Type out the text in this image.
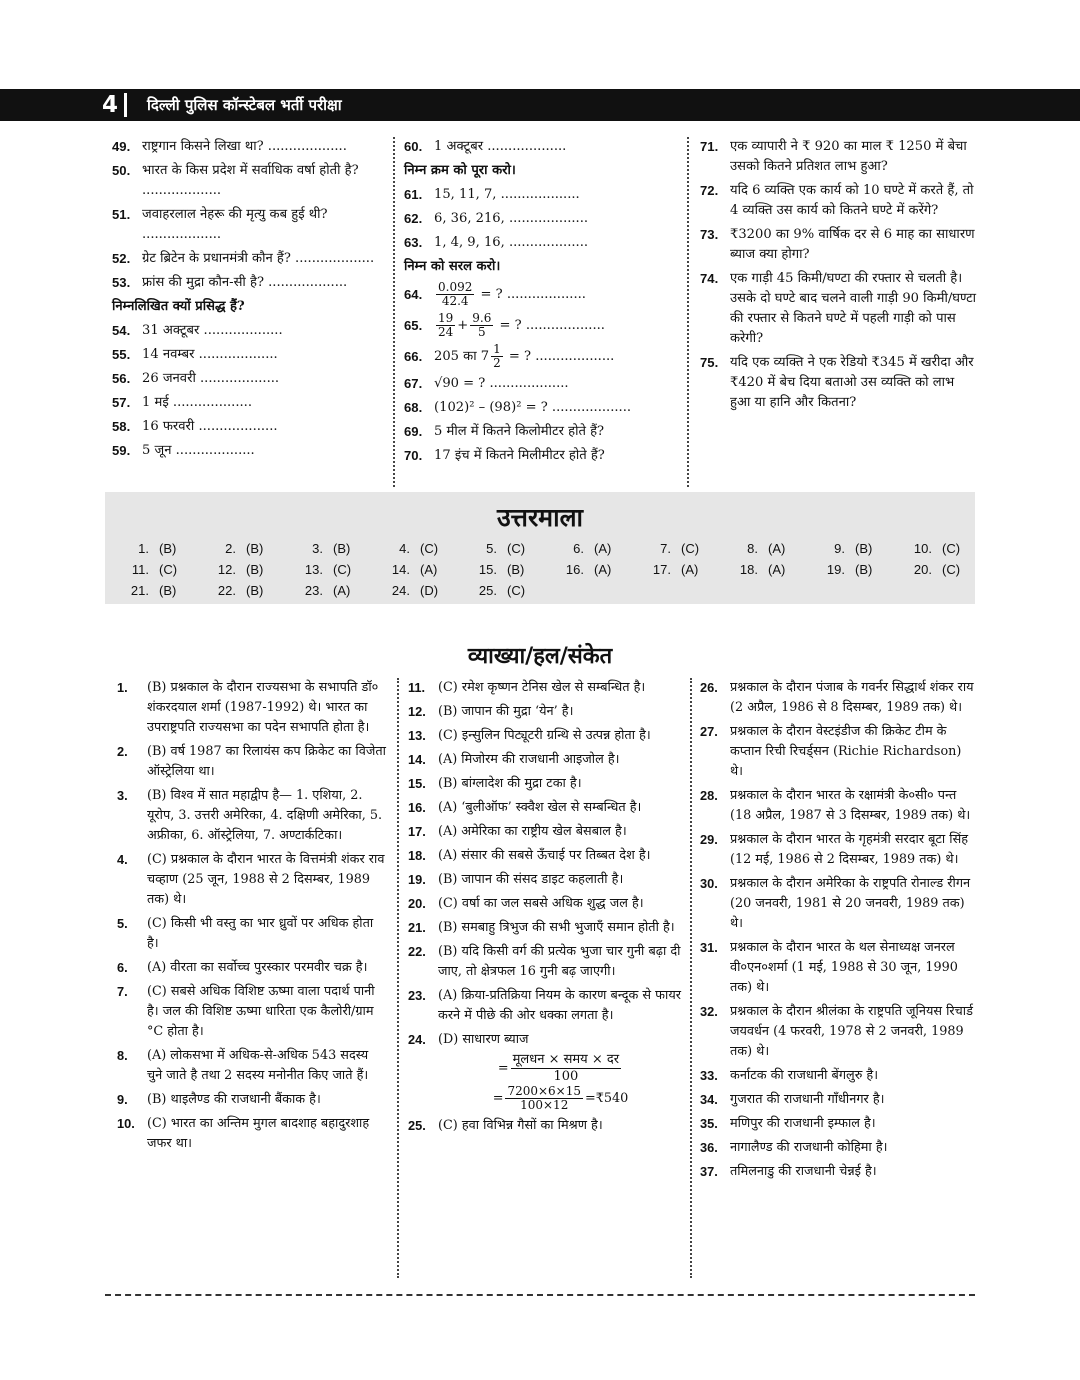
4	दिल्ली पुलिस कॉन्स्टेबल भर्ती परीक्षा
49. राष्ट्रगान किसने लिखा था? ...................
50. भारत के किस प्रदेश में सर्वाधिक वर्षा होती है? ...................
51. जवाहरलाल नेहरू की मृत्यु कब हुई थी? ...................
52. ग्रेट ब्रिटेन के प्रधानमंत्री कौन हैं? ...................
53. फ्रांस की मुद्रा कौन-सी है? ...................
निम्नलिखित क्यों प्रसिद्ध हैं?
54. 31 अक्टूबर ...................
55. 14 नवम्बर ...................
56. 26 जनवरी ...................
57. 1 मई ...................
58. 16 फरवरी ...................
59. 5 जून ...................
60. 1 अक्टूबर ...................
निम्न क्रम को पूरा करो।
61. 15, 11, 7, ...................
62. 6, 36, 216, ...................
63. 1, 4, 9, 16, ...................
निम्न को सरल करो।
64.	$\frac{0.092}{42.4}$ = ? ...................
65.	$\frac{19}{24} + \frac{9.6}{5}$ = ? ...................
66. 205 का $7 \frac{1}{2}$ = ? ...................
67. √90 = ? ...................
68. (102)² – (98)² = ? ...................
69. 5 मील में कितने किलोमीटर होते हैं?
70. 17 इंच में कितने मिलीमीटर होते हैं?
71. एक व्यापारी ने ₹ 920 का माल ₹ 1250 में बेचा उसको कितने प्रतिशत लाभ हुआ?
72. यदि 6 व्यक्ति एक कार्य को 10 घण्टे में करते हैं, तो 4 व्यक्ति उस कार्य को कितने घण्टे में करेंगे?
73. ₹3200 का 9% वार्षिक दर से 6 माह का साधारण ब्याज क्या होगा?
74. एक गाड़ी 45 किमी/घण्टा की रफ्तार से चलती है। उसके दो घण्टे बाद चलने वाली गाड़ी 90 किमी/घण्टा की रफ्तार से कितने घण्टे में पहली गाड़ी को पास करेगी?
75. यदि एक व्यक्ति ने एक रेडियो ₹345 में खरीदा और ₹420 में बेच दिया बताओ उस व्यक्ति को लाभ हुआ या हानि और कितना?
उत्तरमाला
1. (B)	2. (B)	3. (B)	4. (C)	5. (C)	6. (A)	7. (C)	8. (A)	9. (B)	10. (C)
11. (C)	12. (B)	13. (C)	14. (A)	15. (B)	16. (A)	17. (A)	18. (A)	19. (B)	20. (C)
21. (B)	22. (B)	23. (A)	24. (D)	25. (C)
व्याख्या/हल/संकेत
1.	(B) प्रश्नकाल के दौरान राज्यसभा के सभापति डॉ० शंकरदयाल शर्मा (1987-1992) थे। भारत का उपराष्ट्रपति राज्यसभा का पदेन सभापति होता है।
2.	(B) वर्ष 1987 का रिलायंस कप क्रिकेट का विजेता ऑस्ट्रेलिया था।
3.	(B) विश्व में सात महाद्वीप है— 1. एशिया, 2. यूरोप, 3. उत्तरी अमेरिका, 4. दक्षिणी अमेरिका, 5. अफ्रीका, 6. ऑस्ट्रेलिया, 7. अण्टार्कटिका।
4.	(C) प्रश्नकाल के दौरान भारत के वित्तमंत्री शंकर राव चव्हाण (25 जून, 1988 से 2 दिसम्बर, 1989 तक) थे।
5.	(C) किसी भी वस्तु का भार ध्रुवों पर अधिक होता है।
6.	(A) वीरता का सर्वोच्च पुरस्कार परमवीर चक्र है।
7.	(C) सबसे अधिक विशिष्ट ऊष्मा वाला पदार्थ पानी है। जल की विशिष्ट ऊष्मा धारिता एक कैलोरी/ग्राम °C होता है।
8.	(A) लोकसभा में अधिक-से-अधिक 543 सदस्य चुने जाते है तथा 2 सदस्य मनोनीत किए जाते हैं।
9.	(B) थाइलैण्ड की राजधानी बैंकाक है।
10. (C) भारत का अन्तिम मुगल बादशाह बहादुरशाह जफर था।
11.	(C) रमेश कृष्णन टेनिस खेल से सम्बन्धित है।
12. (B) जापान की मुद्रा ‘येन’ है।
13. (C) इन्सुलिन पिट्यूटरी ग्रन्थि से उत्पन्न होता है।
14. (A) मिजोरम की राजधानी आइजोल है।
15. (B) बांग्लादेश की मुद्रा टका है।
16. (A) ‘बुलीऑफ’ स्क्वैश खेल से सम्बन्धित है।
17. (A) अमेरिका का राष्ट्रीय खेल बेसबाल है।
18. (A) संसार की सबसे ऊँचाई पर तिब्बत देश है।
19. (B) जापान की संसद डाइट कहलाती है।
20. (C) वर्षा का जल सबसे अधिक शुद्ध जल है।
21. (B) समबाहु त्रिभुज की सभी भुजाएँ समान होती है।
22. (B) यदि किसी वर्ग की प्रत्येक भुजा चार गुनी बढ़ा दी जाए, तो क्षेत्रफल 16 गुनी बढ़ जाएगी।
23. (A) क्रिया-प्रतिक्रिया नियम के कारण बन्दूक से फायर करने में पीछे की ओर धक्का लगता है।
24. (D) साधारण ब्याज
= $\frac{\text{मूलधन × समय × दर}}{100}$
= $\frac{7200\times 6\times 15}{100\times 12}$ =₹540
25. (C) हवा विभिन्न गैसों का मिश्रण है।
26. प्रश्नकाल के दौरान पंजाब के गवर्नर सिद्धार्थ शंकर राय (2 अप्रैल, 1986 से 8 दिसम्बर, 1989 तक) थे।
27. प्रश्नकाल के दौरान वेस्टइंडीज की क्रिकेट टीम के कप्तान रिची रिचर्ड्सन (Richie Richardson) थे।
28. प्रश्नकाल के दौरान भारत के रक्षामंत्री के०सी० पन्त (18 अप्रैल, 1987 से 3 दिसम्बर, 1989 तक) थे।
29. प्रश्नकाल के दौरान भारत के गृहमंत्री सरदार बूटा सिंह (12 मई, 1986 से 2 दिसम्बर, 1989 तक) थे।
30. प्रश्नकाल के दौरान अमेरिका के राष्ट्रपति रोनाल्ड रीगन (20 जनवरी, 1981 से 20 जनवरी, 1989 तक) थे।
31. प्रश्नकाल के दौरान भारत के थल सेनाध्यक्ष जनरल वी०एन०शर्मा (1 मई, 1988 से 30 जून, 1990 तक) थे।
32. प्रश्नकाल के दौरान श्रीलंका के राष्ट्रपति जूनियस रिचार्ड जयवर्धन (4 फरवरी, 1978 से 2 जनवरी, 1989 तक) थे।
33. कर्नाटक की राजधानी बेंगलुरु है।
34. गुजरात की राजधानी गाँधीनगर है।
35. मणिपुर की राजधानी इम्फाल है।
36. नागालैण्ड की राजधानी कोहिमा है।
37. तमिलनाडु की राजधानी चेन्नई है।
